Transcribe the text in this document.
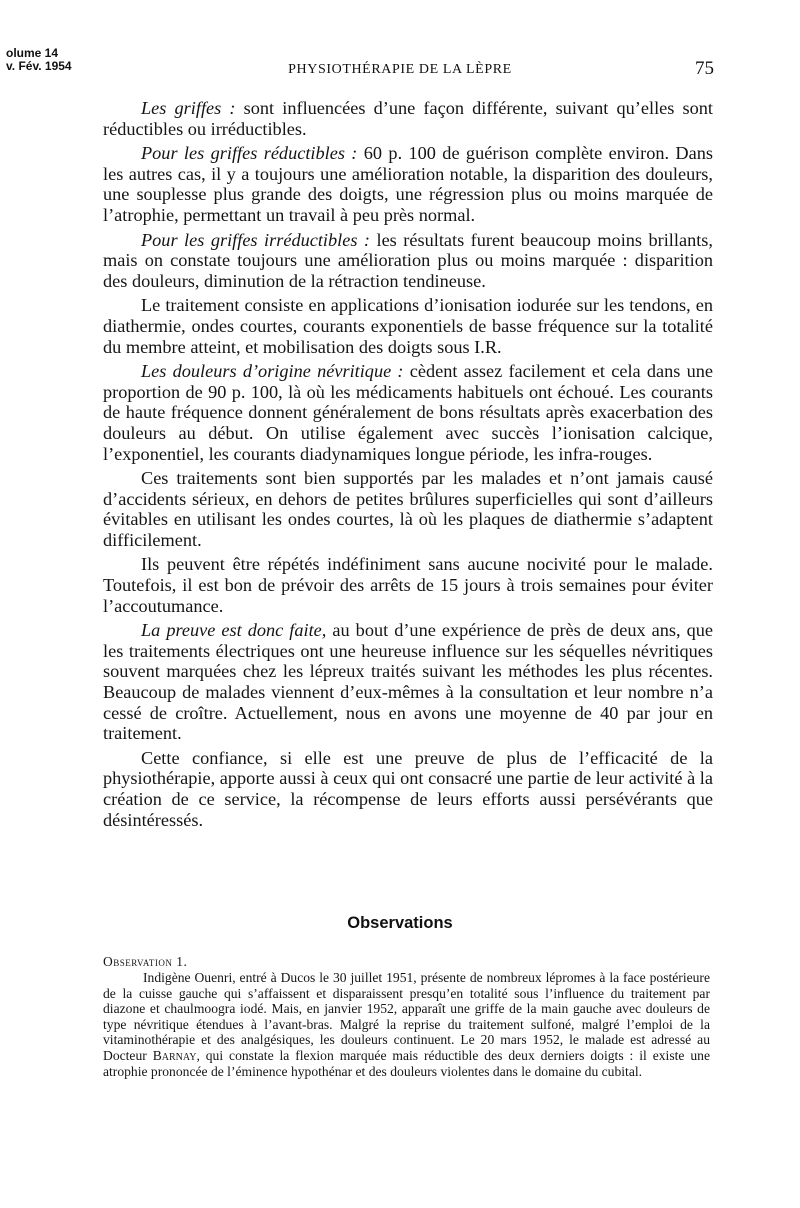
olume 14
v. Fév. 1954	PHYSIOTHÉRAPIE DE LA LÈPRE	75

Les griffes : sont influencées d’une façon différente, suivant qu’elles sont réductibles ou irréductibles.

Pour les griffes réductibles : 60 p. 100 de guérison complète environ. Dans les autres cas, il y a toujours une amélioration notable, la disparition des douleurs, une souplesse plus grande des doigts, une régression plus ou moins marquée de l’atrophie, permettant un travail à peu près normal.

Pour les griffes irréductibles : les résultats furent beaucoup moins brillants, mais on constate toujours une amélioration plus ou moins marquée : disparition des douleurs, diminution de la rétraction tendineuse.

Le traitement consiste en applications d’ionisation iodurée sur les tendons, en diathermie, ondes courtes, courants exponentiels de basse fréquence sur la totalité du membre atteint, et mobilisation des doigts sous I.R.

Les douleurs d’origine névritique : cèdent assez facilement et cela dans une proportion de 90 p. 100, là où les médicaments habituels ont échoué. Les courants de haute fréquence donnent généralement de bons résultats après exacerbation des douleurs au début. On utilise également avec succès l’ionisation calcique, l’exponentiel, les courants diadynamiques longue période, les infra-rouges.

Ces traitements sont bien supportés par les malades et n’ont jamais causé d’accidents sérieux, en dehors de petites brûlures superficielles qui sont d’ailleurs évitables en utilisant les ondes courtes, là où les plaques de diathermie s’adaptent difficilement.

Ils peuvent être répétés indéfiniment sans aucune nocivité pour le malade. Toutefois, il est bon de prévoir des arrêts de 15 jours à trois semaines pour éviter l’accoutumance.

La preuve est donc faite, au bout d’une expérience de près de deux ans, que les traitements électriques ont une heureuse influence sur les séquelles névritiques souvent marquées chez les lépreux traités suivant les méthodes les plus récentes. Beaucoup de malades viennent d’eux-mêmes à la consultation et leur nombre n’a cessé de croître. Actuellement, nous en avons une moyenne de 40 par jour en traitement.

Cette confiance, si elle est une preuve de plus de l’efficacité de la physiothérapie, apporte aussi à ceux qui ont consacré une partie de leur activité à la création de ce service, la récompense de leurs efforts aussi persévérants que désintéressés.

Observations
Observation 1.

Indigène Ouenri, entré à Ducos le 30 juillet 1951, présente de nombreux lépromes à la face postérieure de la cuisse gauche qui s’affaissent et disparaissent presqu’en totalité sous l’influence du traitement par diazone et chaulmoogra iodé. Mais, en janvier 1952, apparaît une griffe de la main gauche avec douleurs de type névritique étendues à l’avant-bras. Malgré la reprise du traitement sulfoné, malgré l’emploi de la vitaminothérapie et des analgésiques, les douleurs continuent. Le 20 mars 1952, le malade est adressé au Docteur Barnay, qui constate la flexion marquée mais réductible des deux derniers doigts : il existe une atrophie prononcée de l’éminence hypothénar et des douleurs violentes dans le domaine du cubital.
